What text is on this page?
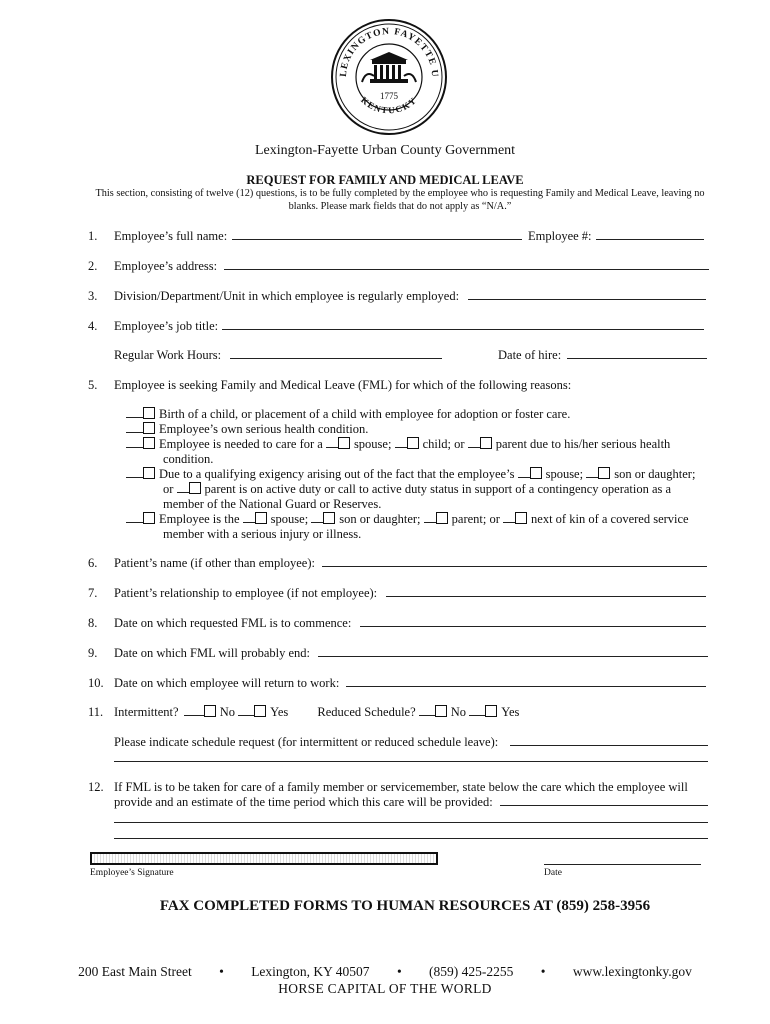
LEXINGTON FAYETTE U
KENTUCKY
1775
Lexington-Fayette Urban County Government
REQUEST FOR FAMILY AND MEDICAL LEAVE
This section, consisting of twelve (12) questions, is to be fully completed by the employee who is requesting Family and Medical Leave, leaving no
blanks. Please mark fields that do not apply as “N/A.”
1. Employee’s full name:	Employee #:
2. Employee’s address:
3. Division/Department/Unit in which employee is regularly employed:
4. Employee’s job title:
Regular Work Hours:	Date of hire:
5. Employee is seeking Family and Medical Leave (FML) for which of the following reasons:
Birth of a child, or placement of a child with employee for adoption or foster care.
Employee’s own serious health condition.
Employee is needed to care for a spouse; child; or parent due to his/her serious health
condition.
Due to a qualifying exigency arising out of the fact that the employee’s spouse; son or daughter;
or parent is on active duty or call to active duty status in support of a contingency operation as a
member of the National Guard or Reserves.
Employee is the spouse; son or daughter; parent; or next of kin of a covered service
member with a serious injury or illness.
6. Patient’s name (if other than employee):
7. Patient’s relationship to employee (if not employee):
8. Date on which requested FML is to commence:
9. Date on which FML will probably end:
10. Date on which employee will return to work:
11. Intermittent?	No	Yes Reduced Schedule?	No	Yes
Please indicate schedule request (for intermittent or reduced schedule leave):
12. If FML is to be taken for care of a family member or servicemember, state below the care which the employee will
provide and an estimate of the time period which this care will be provided:
Employee’s Signature	Date
FAX COMPLETED FORMS TO HUMAN RESOURCES AT (859) 258-3956
200 East Main Street • Lexington, KY 40507 • (859) 425-2255 • www.lexingtonky.gov
HORSE CAPITAL OF THE WORLD
